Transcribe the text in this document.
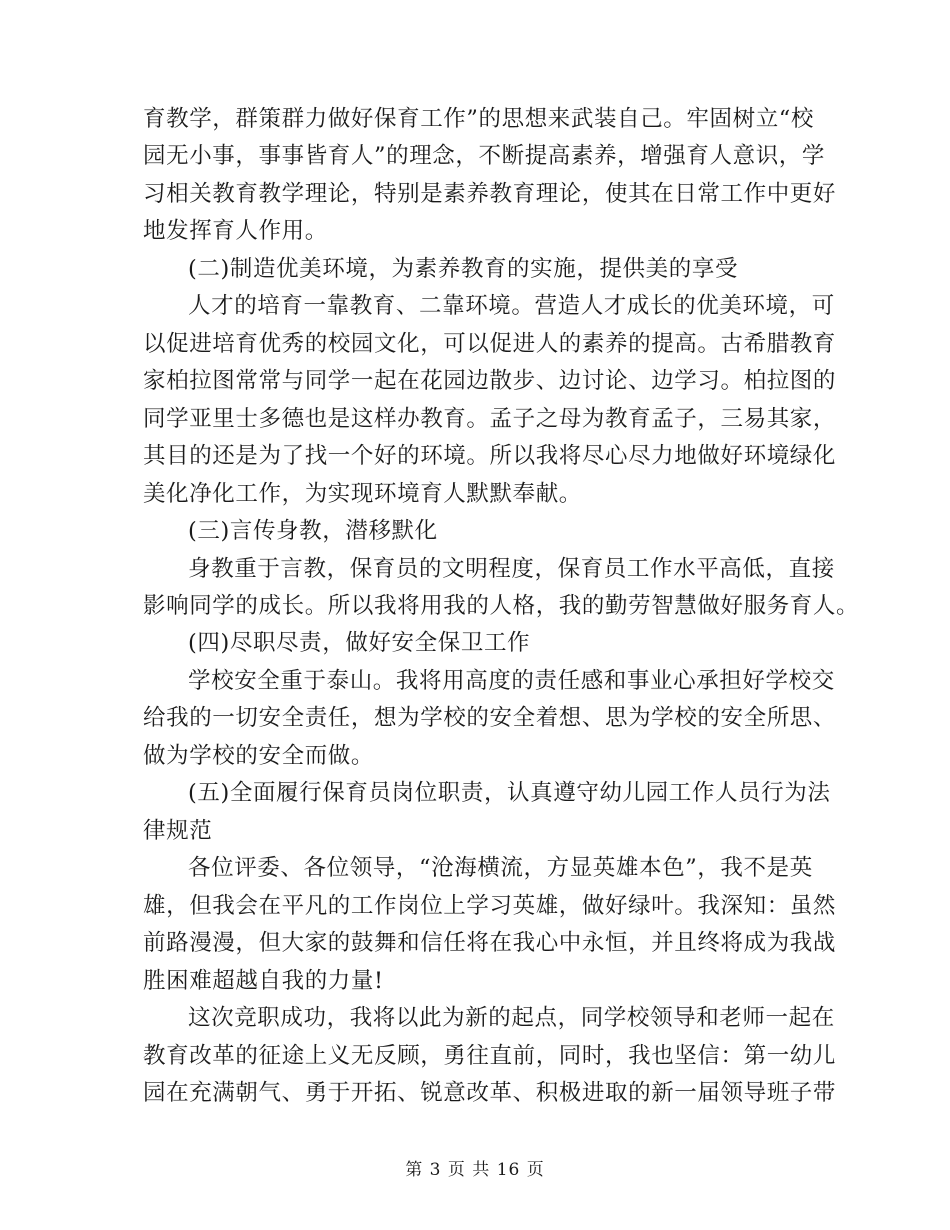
育教学，群策群力做好保育工作”的思想来武装自己。牢固树立“校
园无小事，事事皆育人”的理念，不断提高素养，增强育人意识，学
习相关教育教学理论，特别是素养教育理论，使其在日常工作中更好
地发挥育人作用。
(二)制造优美环境，为素养教育的实施，提供美的享受
人才的培育一靠教育、二靠环境。营造人才成长的优美环境，可
以促进培育优秀的校园文化，可以促进人的素养的提高。古希腊教育
家柏拉图常常与同学一起在花园边散步、边讨论、边学习。柏拉图的
同学亚里士多德也是这样办教育。孟子之母为教育孟子，三易其家，
其目的还是为了找一个好的环境。所以我将尽心尽力地做好环境绿化
美化净化工作，为实现环境育人默默奉献。
(三)言传身教，潜移默化
身教重于言教，保育员的文明程度，保育员工作水平高低，直接
影响同学的成长。所以我将用我的人格，我的勤劳智慧做好服务育人。
(四)尽职尽责，做好安全保卫工作
学校安全重于泰山。我将用高度的责任感和事业心承担好学校交
给我的一切安全责任，想为学校的安全着想、思为学校的安全所思、
做为学校的安全而做。
(五)全面履行保育员岗位职责，认真遵守幼儿园工作人员行为法
律规范
各位评委、各位领导，“沧海横流，方显英雄本色”，我不是英
雄，但我会在平凡的工作岗位上学习英雄，做好绿叶。我深知：虽然
前路漫漫，但大家的鼓舞和信任将在我心中永恒，并且终将成为我战
胜困难超越自我的力量!
这次竞职成功，我将以此为新的起点，同学校领导和老师一起在
教育改革的征途上义无反顾，勇往直前，同时，我也坚信：第一幼儿
园在充满朝气、勇于开拓、锐意改革、积极进取的新一届领导班子带
第 3 页 共 16 页
